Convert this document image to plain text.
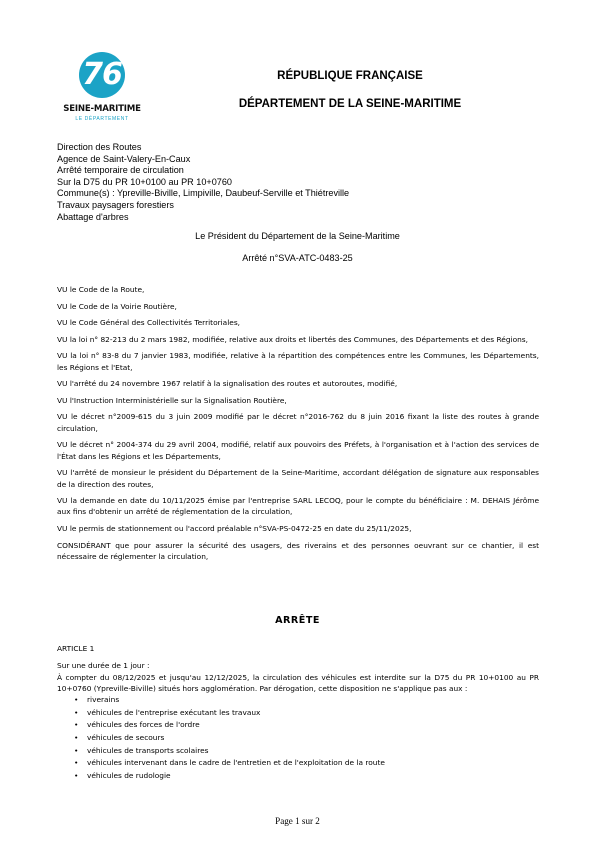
76
SEINE-MARITIME
LE DÉPARTEMENT
RÉPUBLIQUE FRANÇAISE
DÉPARTEMENT DE LA SEINE-MARITIME
Direction des Routes
Agence de Saint-Valery-En-Caux
Arrêté temporaire de circulation
Sur la D75 du PR 10+0100 au PR 10+0760
Commune(s) : Ypreville-Biville, Limpiville, Daubeuf-Serville et Thiétreville
Travaux paysagers forestiers
Abattage d'arbres
Le Président du Département de la Seine-Maritime
Arrêté n°SVA-ATC-0483-25

VU le Code de la Route,

VU le Code de la Voirie Routière,

VU le Code Général des Collectivités Territoriales,

VU la loi n° 82-213 du 2 mars 1982, modifiée, relative aux droits et libertés des Communes, des Départements et des Régions,

VU la loi n° 83-8 du 7 janvier 1983, modifiée, relative à la répartition des compétences entre les Communes, les Départements, les Régions et l'Etat,

VU l'arrêté du 24 novembre 1967 relatif à la signalisation des routes et autoroutes, modifié,

VU l'Instruction Interministérielle sur la Signalisation Routière,

VU le décret n°2009-615 du 3 juin 2009 modifié par le décret n°2016-762 du 8 juin 2016 fixant la liste des routes à grande circulation,

VU le décret n° 2004-374 du 29 avril 2004, modifié, relatif aux pouvoirs des Préfets, à l'organisation et à l'action des services de l'État dans les Régions et les Départements,

VU l'arrêté de monsieur le président du Département de la Seine-Maritime, accordant délégation de signature aux responsables de la direction des routes,

VU la demande en date du 10/11/2025 émise par l'entreprise SARL LECOQ, pour le compte du bénéficiaire : M. DEHAIS Jérôme aux fins d'obtenir un arrêté de réglementation de la circulation,

VU le permis de stationnement ou l'accord préalable n°SVA-PS-0472-25 en date du 25/11/2025,

CONSIDÉRANT que pour assurer la sécurité des usagers, des riverains et des personnes oeuvrant sur ce chantier, il est nécessaire de réglementer la circulation,

ARRÊTE

ARTICLE 1

Sur une durée de 1 jour :

À compter du 08/12/2025 et jusqu'au 12/12/2025, la circulation des véhicules est interdite sur la D75 du PR 10+0100 au PR 10+0760 (Ypreville-Biville) situés hors agglomération. Par dérogation, cette disposition ne s'applique pas aux :

• riverains
• véhicules de l'entreprise exécutant les travaux
• véhicules des forces de l'ordre
• véhicules de secours
• véhicules de transports scolaires
• véhicules intervenant dans le cadre de l'entretien et de l'exploitation de la route
• véhicules de rudologie
Page 1 sur 2
